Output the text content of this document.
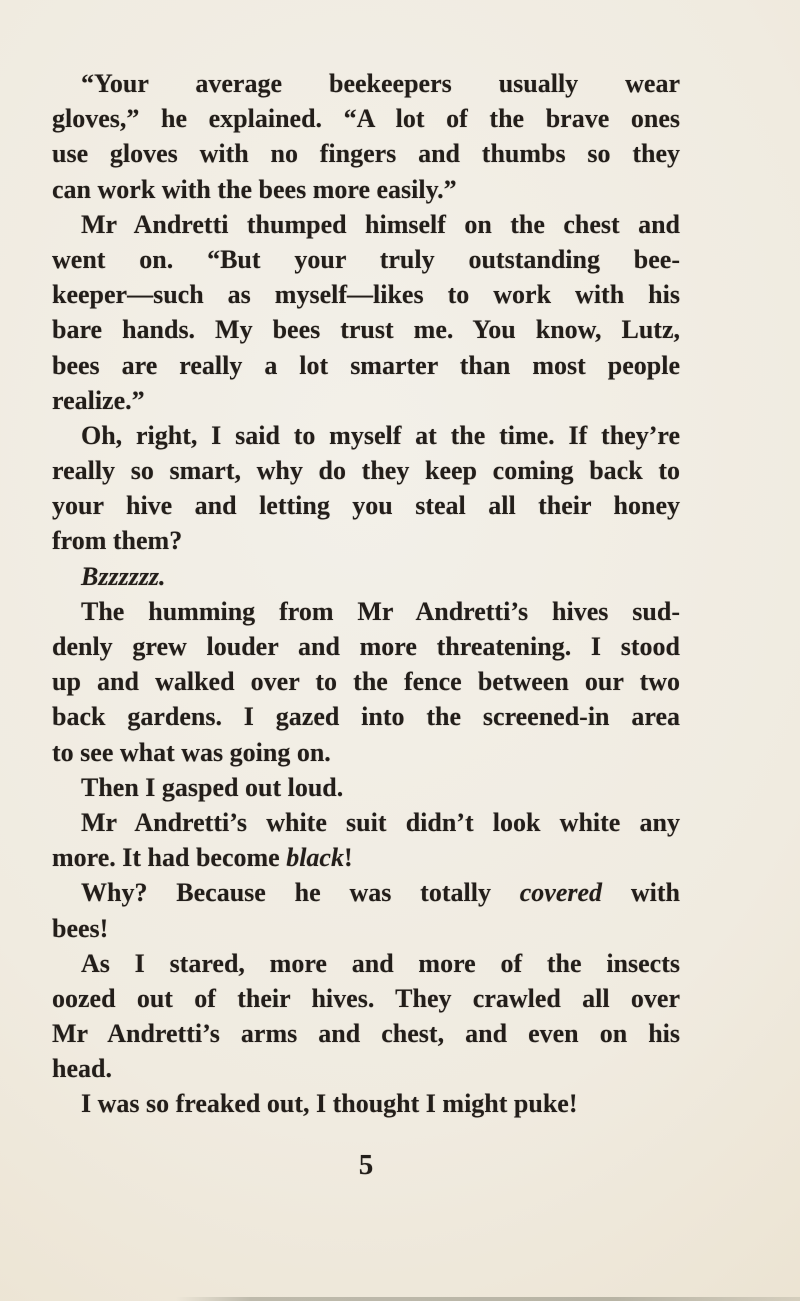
“Your average beekeepers usually wear
gloves,” he explained. “A lot of the brave ones
use gloves with no fingers and thumbs so they
can work with the bees more easily.”
Mr Andretti thumped himself on the chest and
went on. “But your truly outstanding bee-
keeper—such as myself—likes to work with his
bare hands. My bees trust me. You know, Lutz,
bees are really a lot smarter than most people
realize.”
Oh, right, I said to myself at the time. If they’re
really so smart, why do they keep coming back to
your hive and letting you steal all their honey
from them?
Bzzzzzz.
The humming from Mr Andretti’s hives sud-
denly grew louder and more threatening. I stood
up and walked over to the fence between our two
back gardens. I gazed into the screened-in area
to see what was going on.
Then I gasped out loud.
Mr Andretti’s white suit didn’t look white any
more. It had become black!
Why? Because he was totally covered with
bees!
As I stared, more and more of the insects
oozed out of their hives. They crawled all over
Mr Andretti’s arms and chest, and even on his
head.
I was so freaked out, I thought I might puke!
5
